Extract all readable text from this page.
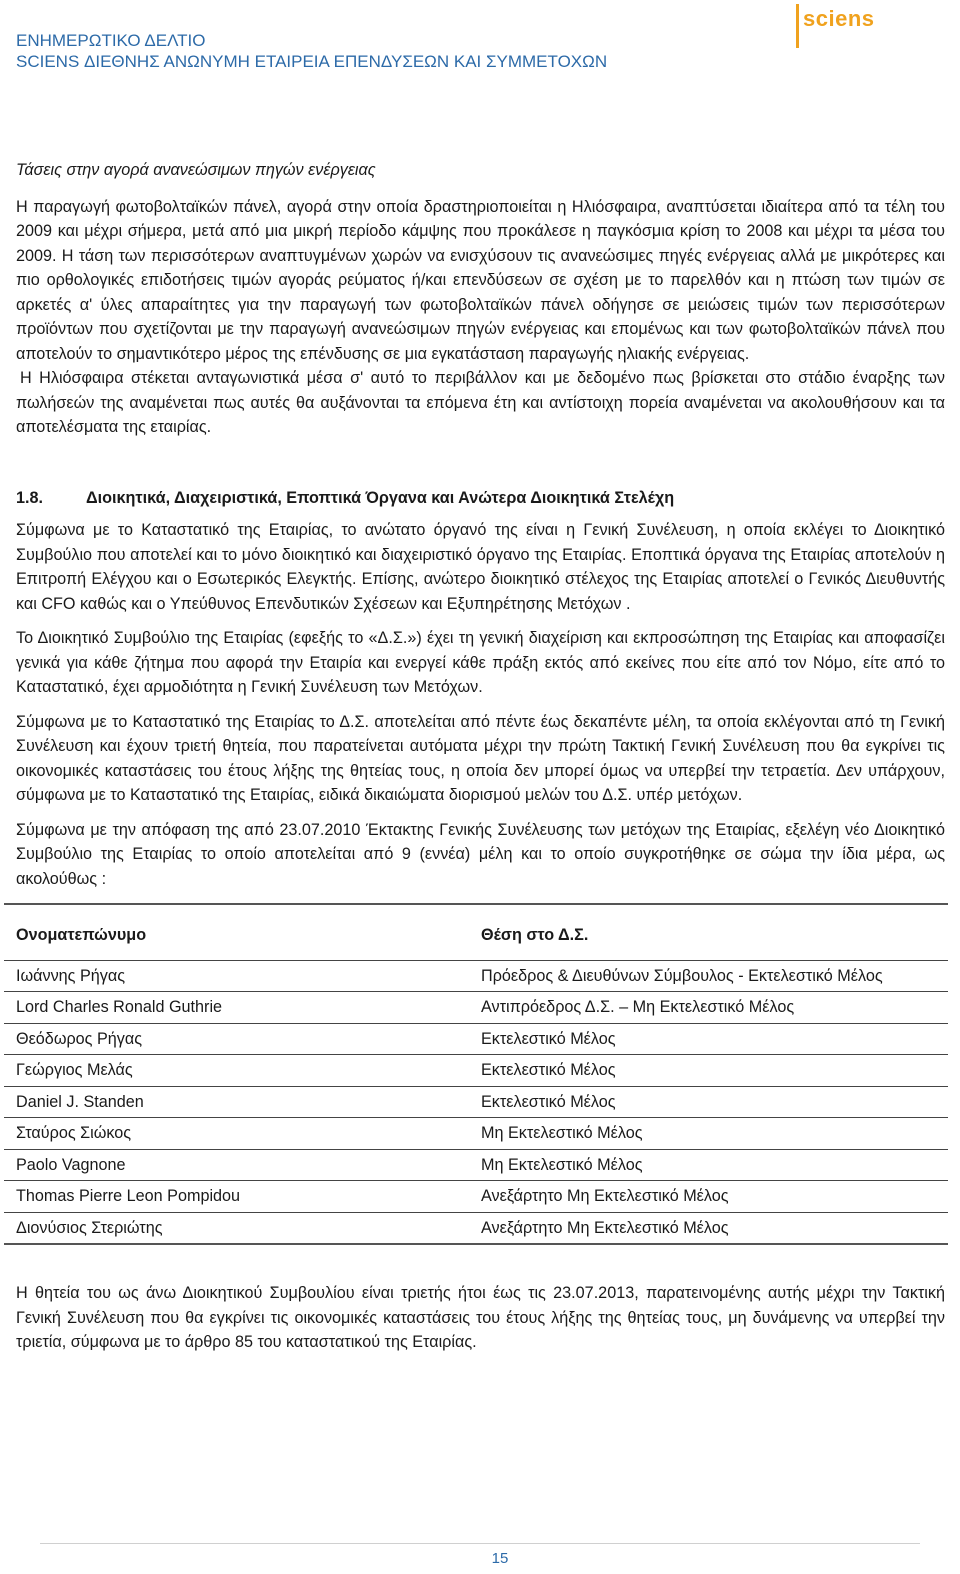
ΕΝΗΜΕΡΩΤΙΚΟ ΔΕΛΤΙΟ
SCIENS ΔΙΕΘΝΗΣ ΑΝΩΝΥΜΗ ΕΤΑΙΡΕΙΑ ΕΠΕΝΔΥΣΕΩΝ ΚΑΙ ΣΥΜΜΕΤΟΧΩΝ
sciens
Τάσεις στην αγορά ανανεώσιμων πηγών ενέργειας

Η παραγωγή φωτοβολταϊκών πάνελ, αγορά στην οποία δραστηριοποιείται η Ηλιόσφαιρα, αναπτύσεται ιδιαίτερα από τα τέλη του 2009 και μέχρι σήμερα, μετά από μια μικρή περίοδο κάμψης που προκάλεσε η παγκόσμια κρίση το 2008 και μέχρι τα μέσα του 2009. Η τάση των περισσότερων αναπτυγμένων χωρών να ενισχύσουν τις ανανεώσιμες πηγές ενέργειας αλλά με μικρότερες και πιο ορθολογικές επιδοτήσεις τιμών αγοράς ρεύματος ή/και επενδύσεων σε σχέση με το παρελθόν και η πτώση των τιμών σε αρκετές α' ύλες απαραίτητες για την παραγωγή των φωτοβολταϊκών πάνελ οδήγησε σε μειώσεις τιμών των περισσότερων προϊόντων που σχετίζονται με την παραγωγή ανανεώσιμων πηγών ενέργειας και επομένως και των φωτοβολταϊκών πάνελ που αποτελούν το σημαντικότερο μέρος της επένδυσης σε μια εγκατάσταση παραγωγής ηλιακής ενέργειας.

Η Ηλιόσφαιρα στέκεται ανταγωνιστικά μέσα σ' αυτό το περιβάλλον και με δεδομένο πως βρίσκεται στο στάδιο έναρξης των πωλήσεών της αναμένεται πως αυτές θα αυξάνονται τα επόμενα έτη και αντίστοιχη πορεία αναμένεται να ακολουθήσουν και τα αποτελέσματα της εταιρίας.

1.8.	Διοικητικά, Διαχειριστικά, Εποπτικά Όργανα και Ανώτερα Διοικητικά Στελέχη

Σύμφωνα με το Καταστατικό της Εταιρίας, το ανώτατο όργανό της είναι η Γενική Συνέλευση, η οποία εκλέγει το Διοικητικό Συμβούλιο που αποτελεί και το μόνο διοικητικό και διαχειριστικό όργανο της Εταιρίας. Εποπτικά όργανα της Εταιρίας αποτελούν η Επιτροπή Ελέγχου και ο Εσωτερικός Ελεγκτής. Επίσης, ανώτερο διοικητικό στέλεχος της Εταιρίας αποτελεί ο Γενικός Διευθυντής και CFO καθώς και ο Υπεύθυνος Επενδυτικών Σχέσεων και Εξυπηρέτησης Μετόχων .

Το Διοικητικό Συμβούλιο της Εταιρίας (εφεξής το «Δ.Σ.») έχει τη γενική διαχείριση και εκπροσώπηση της Εταιρίας και αποφασίζει γενικά για κάθε ζήτημα που αφορά την Εταιρία και ενεργεί κάθε πράξη εκτός από εκείνες που είτε από τον Νόμο, είτε από το Καταστατικό, έχει αρμοδιότητα η Γενική Συνέλευση των Μετόχων.

Σύμφωνα με το Καταστατικό της Εταιρίας το Δ.Σ. αποτελείται από πέντε έως δεκαπέντε μέλη, τα οποία εκλέγονται από τη Γενική Συνέλευση και έχουν τριετή θητεία, που παρατείνεται αυτόματα μέχρι την πρώτη Τακτική Γενική Συνέλευση που θα εγκρίνει τις οικονομικές καταστάσεις του έτους λήξης της θητείας τους, η οποία δεν μπορεί όμως να υπερβεί την τετραετία. Δεν υπάρχουν, σύμφωνα με το Καταστατικό της Εταιρίας, ειδικά δικαιώματα διορισμού μελών του Δ.Σ. υπέρ μετόχων.

Σύμφωνα με την απόφαση της από 23.07.2010 Έκτακτης Γενικής Συνέλευσης των μετόχων της Εταιρίας, εξελέγη νέο Διοικητικό Συμβούλιο της Εταιρίας το οποίο αποτελείται από 9 (εννέα) μέλη και το οποίο συγκροτήθηκε σε σώμα την ίδια μέρα, ως ακολούθως :

Ονοματεπώνυμο	Θέση στο Δ.Σ.
Ιωάννης Ρήγας	Πρόεδρος & Διευθύνων Σύμβουλος - Εκτελεστικό Μέλος
Lord Charles Ronald Guthrie	Αντιπρόεδρος Δ.Σ. – Μη Εκτελεστικό Μέλος
Θεόδωρος Ρήγας	Εκτελεστικό Μέλος
Γεώργιος Μελάς	Εκτελεστικό Μέλος
Daniel J. Standen	Εκτελεστικό Μέλος
Σταύρος Σιώκος	Μη Εκτελεστικό Μέλος
Paolo Vagnone	Μη Εκτελεστικό Μέλος
Thomas Pierre Leon Pompidou	Ανεξάρτητο Μη Εκτελεστικό Μέλος
Διονύσιος Στεριώτης	Ανεξάρτητο Μη Εκτελεστικό Μέλος

Η θητεία του ως άνω Διοικητικού Συμβουλίου είναι τριετής ήτοι έως τις 23.07.2013, παρατεινομένης αυτής μέχρι την Τακτική Γενική Συνέλευση που θα εγκρίνει τις οικονομικές καταστάσεις του έτους λήξης της θητείας τους, μη δυνάμενης να υπερβεί την τριετία, σύμφωνα με το άρθρο 85 του καταστατικού της Εταιρίας.

15
